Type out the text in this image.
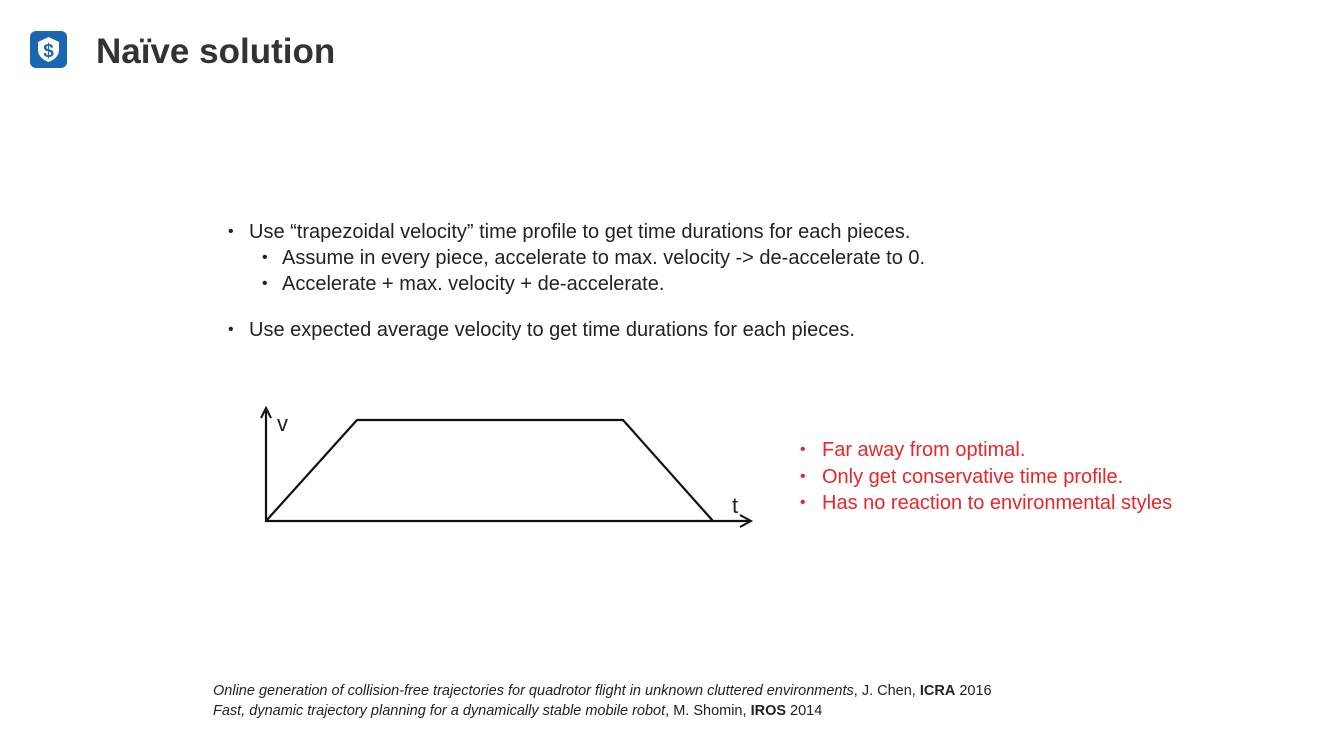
$ Naïve solution
• Use “trapezoidal velocity” time profile to get time durations for each pieces.
• Assume in every piece, accelerate to max. velocity -> de-accelerate to 0.
• Accelerate + max. velocity + de-accelerate.
• Use expected average velocity to get time durations for each pieces.
v
t
• Far away from optimal.
• Only get conservative time profile.
• Has no reaction to environmental styles
Online generation of collision-free trajectories for quadrotor flight in unknown cluttered environments, J. Chen, ICRA 2016
Fast, dynamic trajectory planning for a dynamically stable mobile robot, M. Shomin, IROS 2014
